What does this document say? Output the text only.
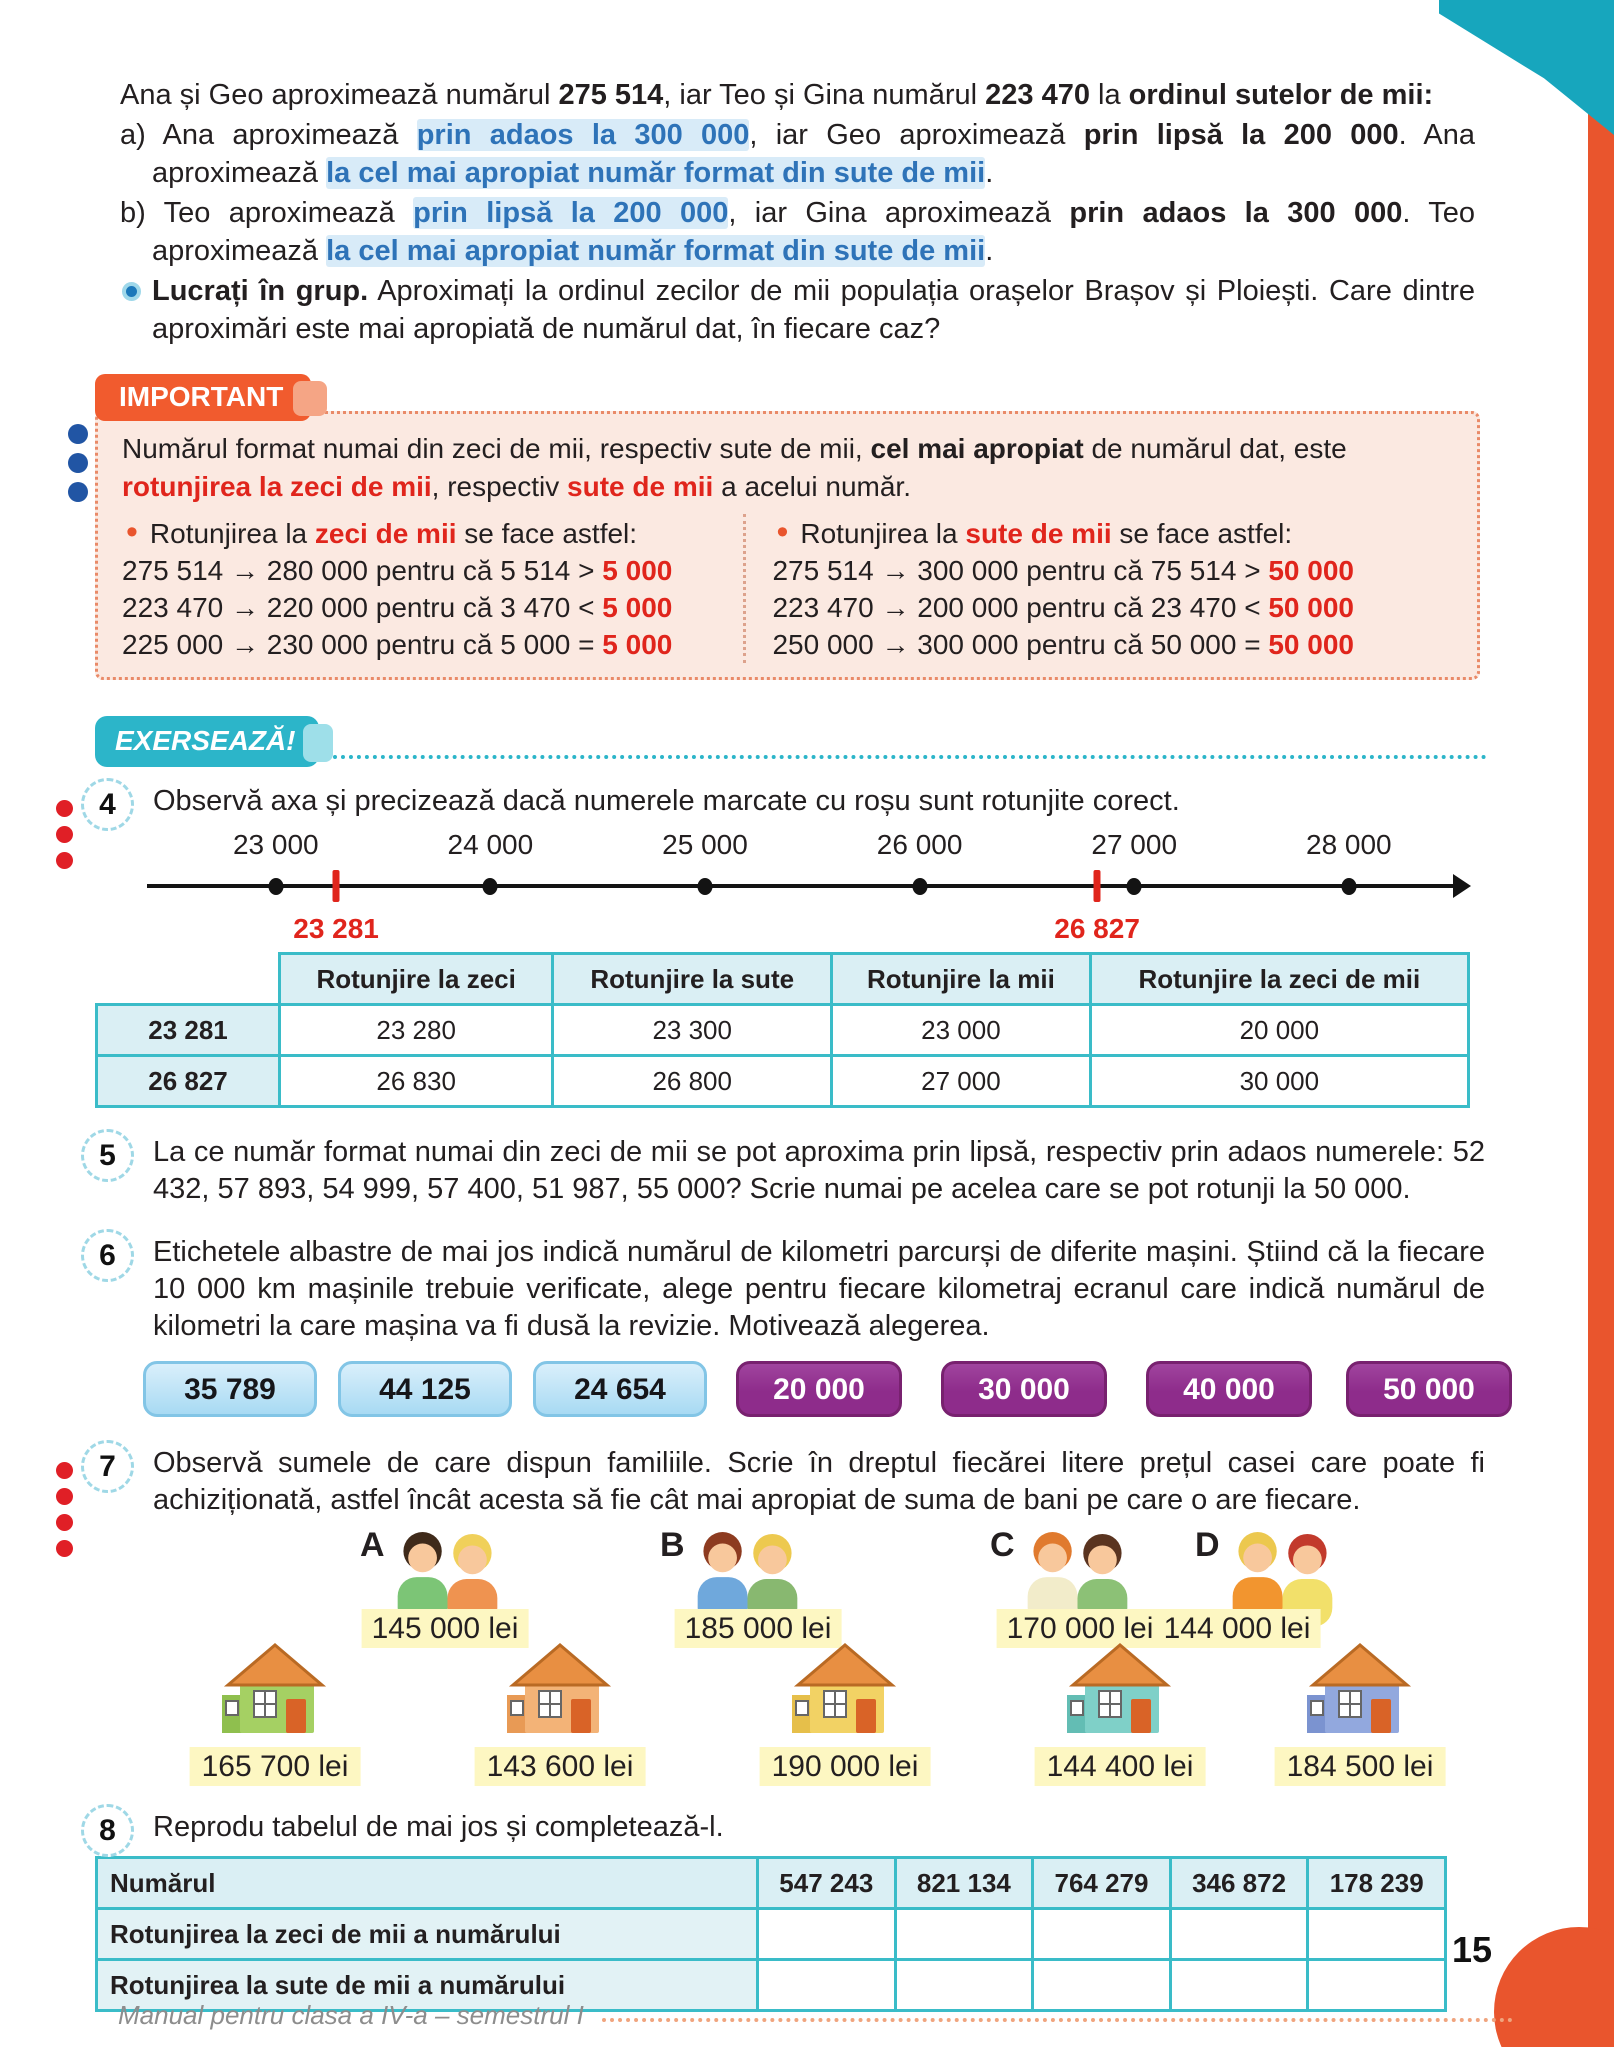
Ana și Geo aproximează numărul 275 514, iar Teo și Gina numărul 223 470 la ordinul sutelor de mii:

a) Ana aproximează prin adaos la 300 000, iar Geo aproximează prin lipsă la 200 000. Ana aproximează la cel mai apropiat număr format din sute de mii.

b) Teo aproximează prin lipsă la 200 000, iar Gina aproximează prin adaos la 300 000. Teo aproximează la cel mai apropiat număr format din sute de mii.

Lucrați în grup. Aproximați la ordinul zecilor de mii populația orașelor Brașov și Ploiești. Care dintre aproximări este mai apropiată de numărul dat, în fiecare caz?

IMPORTANT
Numărul format numai din zeci de mii, respectiv sute de mii, cel mai apropiat de numărul dat, este rotunjirea la zeci de mii, respectiv sute de mii a acelui număr.
• Rotunjirea la zeci de mii se face astfel:
275 514 → 280 000 pentru că 5 514 > 5 000
223 470 → 220 000 pentru că 3 470 < 5 000
225 000 → 230 000 pentru că 5 000 = 5 000
• Rotunjirea la sute de mii se face astfel:
275 514 → 300 000 pentru că 75 514 > 50 000
223 470 → 200 000 pentru că 23 470 < 50 000
250 000 → 300 000 pentru că 50 000 = 50 000
EXERSEAZĂ!
4	Observă axa și precizează dacă numerele marcate cu roșu sunt rotunjite corect.

23 000	24 000	25 000	26 000	27 000	28 000
23 281	26 827
	Rotunjire la zeci	Rotunjire la sute	Rotunjire la mii	Rotunjire la zeci de mii
23 281	23 280	23 300	23 000	20 000
26 827	26 830	26 800	27 000	30 000
5	La ce număr format numai din zeci de mii se pot aproxima prin lipsă, respectiv prin adaos numerele: 52 432, 57 893, 54 999, 57 400, 51 987, 55 000? Scrie numai pe acelea care se pot rotunji la 50 000.

6	Etichetele albastre de mai jos indică numărul de kilometri parcurși de diferite mașini. Știind că la fiecare 10 000 km mașinile trebuie verificate, alege pentru fiecare kilometraj ecranul care indică numărul de kilometri la care mașina va fi dusă la revizie. Motivează alegerea.

35 789	44 125	24 654	20 000	30 000	40 000	50 000
7	Observă sumele de care dispun familiile. Scrie în dreptul fiecărei litere prețul casei care poate fi achiziționată, astfel încât acesta să fie cât mai apropiat de suma de bani pe care o are fiecare.

A	B	C	D
145 000 lei	185 000 lei	170 000 lei 144 000 lei
165 700 lei	143 600 lei	190 000 lei	144 400 lei	184 500 lei
8	Reprodu tabelul de mai jos și completează-l.

Numărul	547 243	821 134	764 279	346 872	178 239
Rotunjirea la zeci de mii a numărului					
Rotunjirea la sute de mii a numărului					
15
Manual pentru clasa a IV-a – semestrul I
